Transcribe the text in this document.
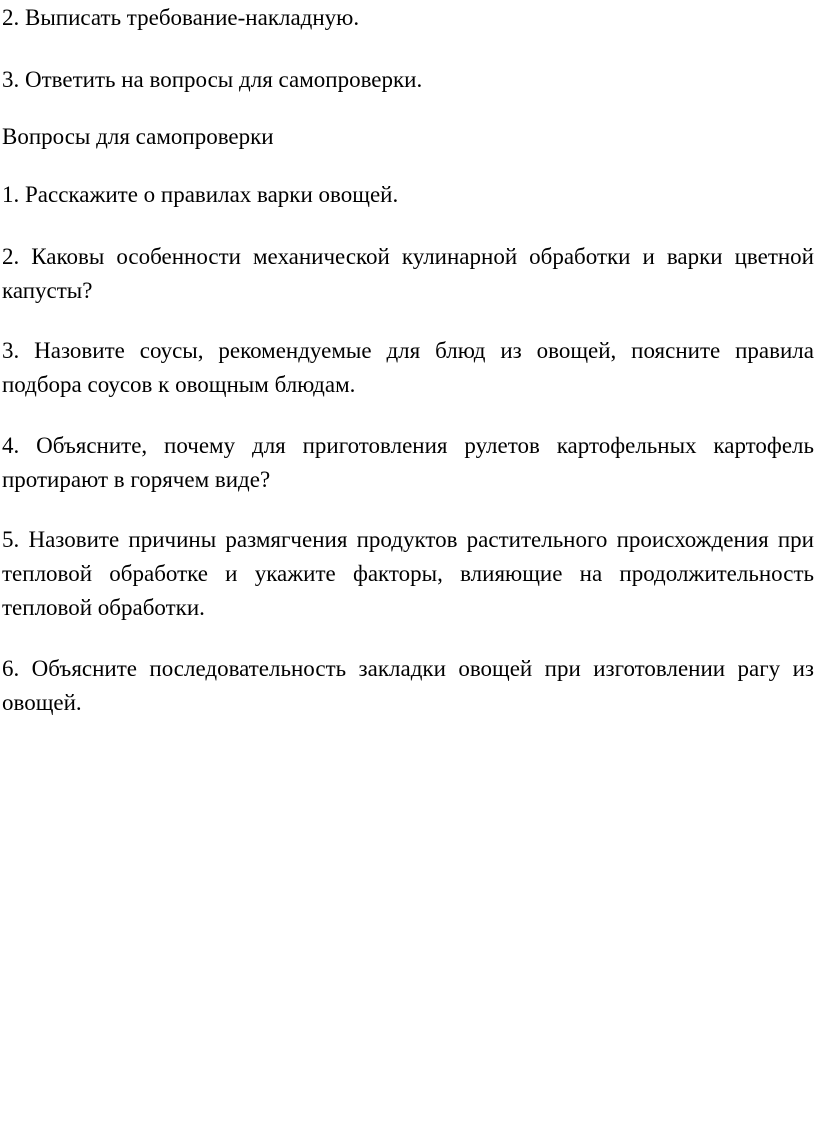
2. Выписать требование-накладную.

3. Ответить на вопросы для самопроверки.

Вопросы для самопроверки

1. Расскажите о правилах варки овощей.

2. Каковы особенности механической кулинарной обработки и варки цветной капусты?

3. Назовите соусы, рекомендуемые для блюд из овощей, поясните правила подбора соусов к овощным блюдам.

4. Объясните, почему для приготовления рулетов картофельных картофель протирают в горячем виде?

5. Назовите причины размягчения продуктов растительного происхождения при тепловой обработке и укажите факторы, влияющие на продолжительность тепловой обработки.

6. Объясните последовательность закладки овощей при изготовлении рагу из овощей.
